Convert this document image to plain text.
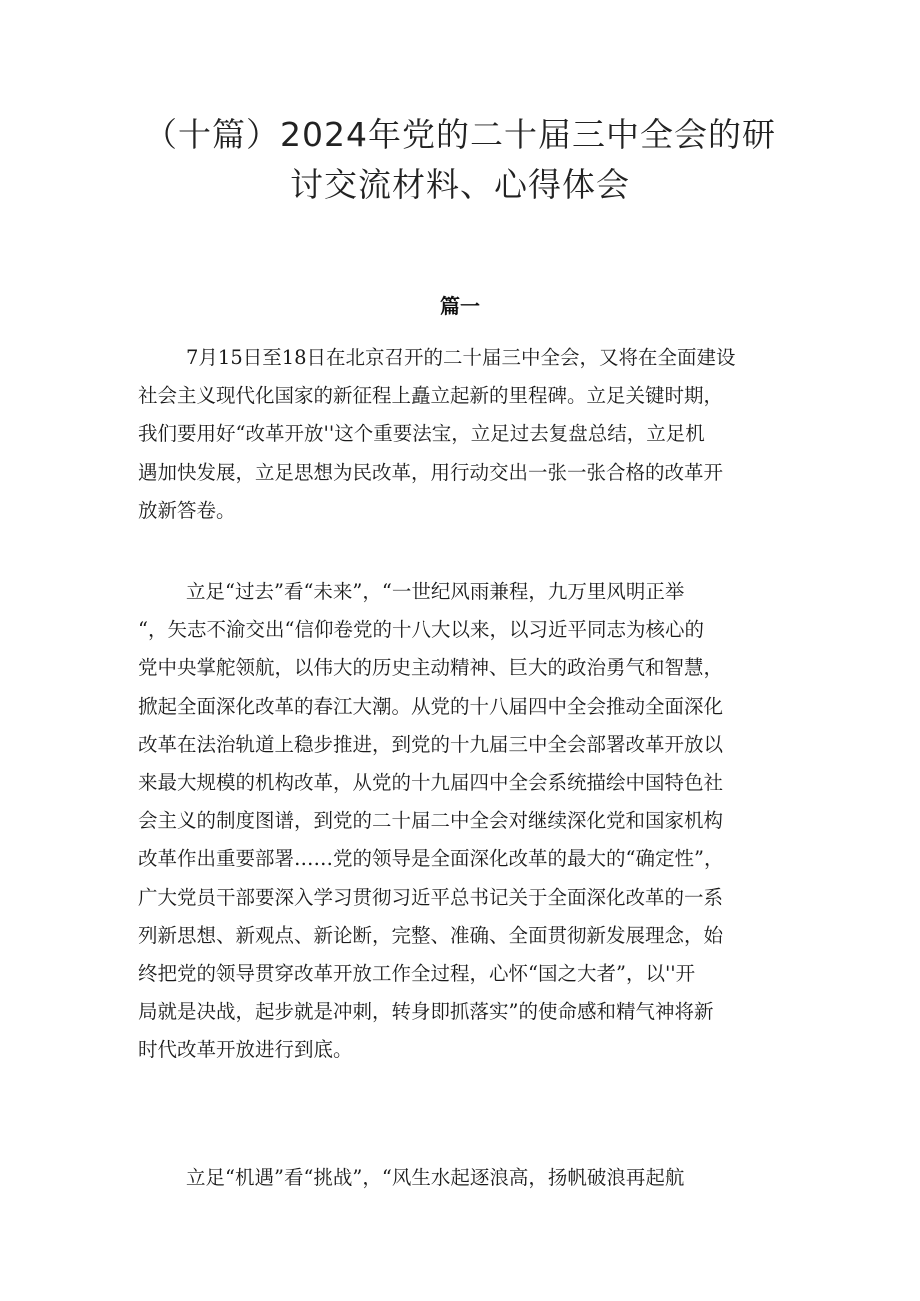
（十篇）2024年党的二十届三中全会的研
讨交流材料、心得体会
篇一
7月15日至18日在北京召开的二十届三中全会，又将在全面建设
社会主义现代化国家的新征程上矗立起新的里程碑。立足关键时期，
我们要用好“改革开放''这个重要法宝，立足过去复盘总结，立足机
遇加快发展，立足思想为民改革，用行动交出一张一张合格的改革开
放新答卷。
立足“过去”看“未来”，“一世纪风雨兼程，九万里风明正举
“，矢志不渝交出“信仰卷党的十八大以来，以习近平同志为核心的
党中央掌舵领航，以伟大的历史主动精神、巨大的政治勇气和智慧，
掀起全面深化改革的春江大潮。从党的十八届四中全会推动全面深化
改革在法治轨道上稳步推进，到党的十九届三中全会部署改革开放以
来最大规模的机构改革，从党的十九届四中全会系统描绘中国特色社
会主义的制度图谱，到党的二十届二中全会对继续深化党和国家机构
改革作出重要部署……党的领导是全面深化改革的最大的“确定性”，
广大党员干部要深入学习贯彻习近平总书记关于全面深化改革的一系
列新思想、新观点、新论断，完整、准确、全面贯彻新发展理念，始
终把党的领导贯穿改革开放工作全过程，心怀“国之大者”，以''开
局就是决战，起步就是冲刺，转身即抓落实”的使命感和精气神将新
时代改革开放进行到底。
立足“机遇”看“挑战”，“风生水起逐浪高，扬帆破浪再起航
